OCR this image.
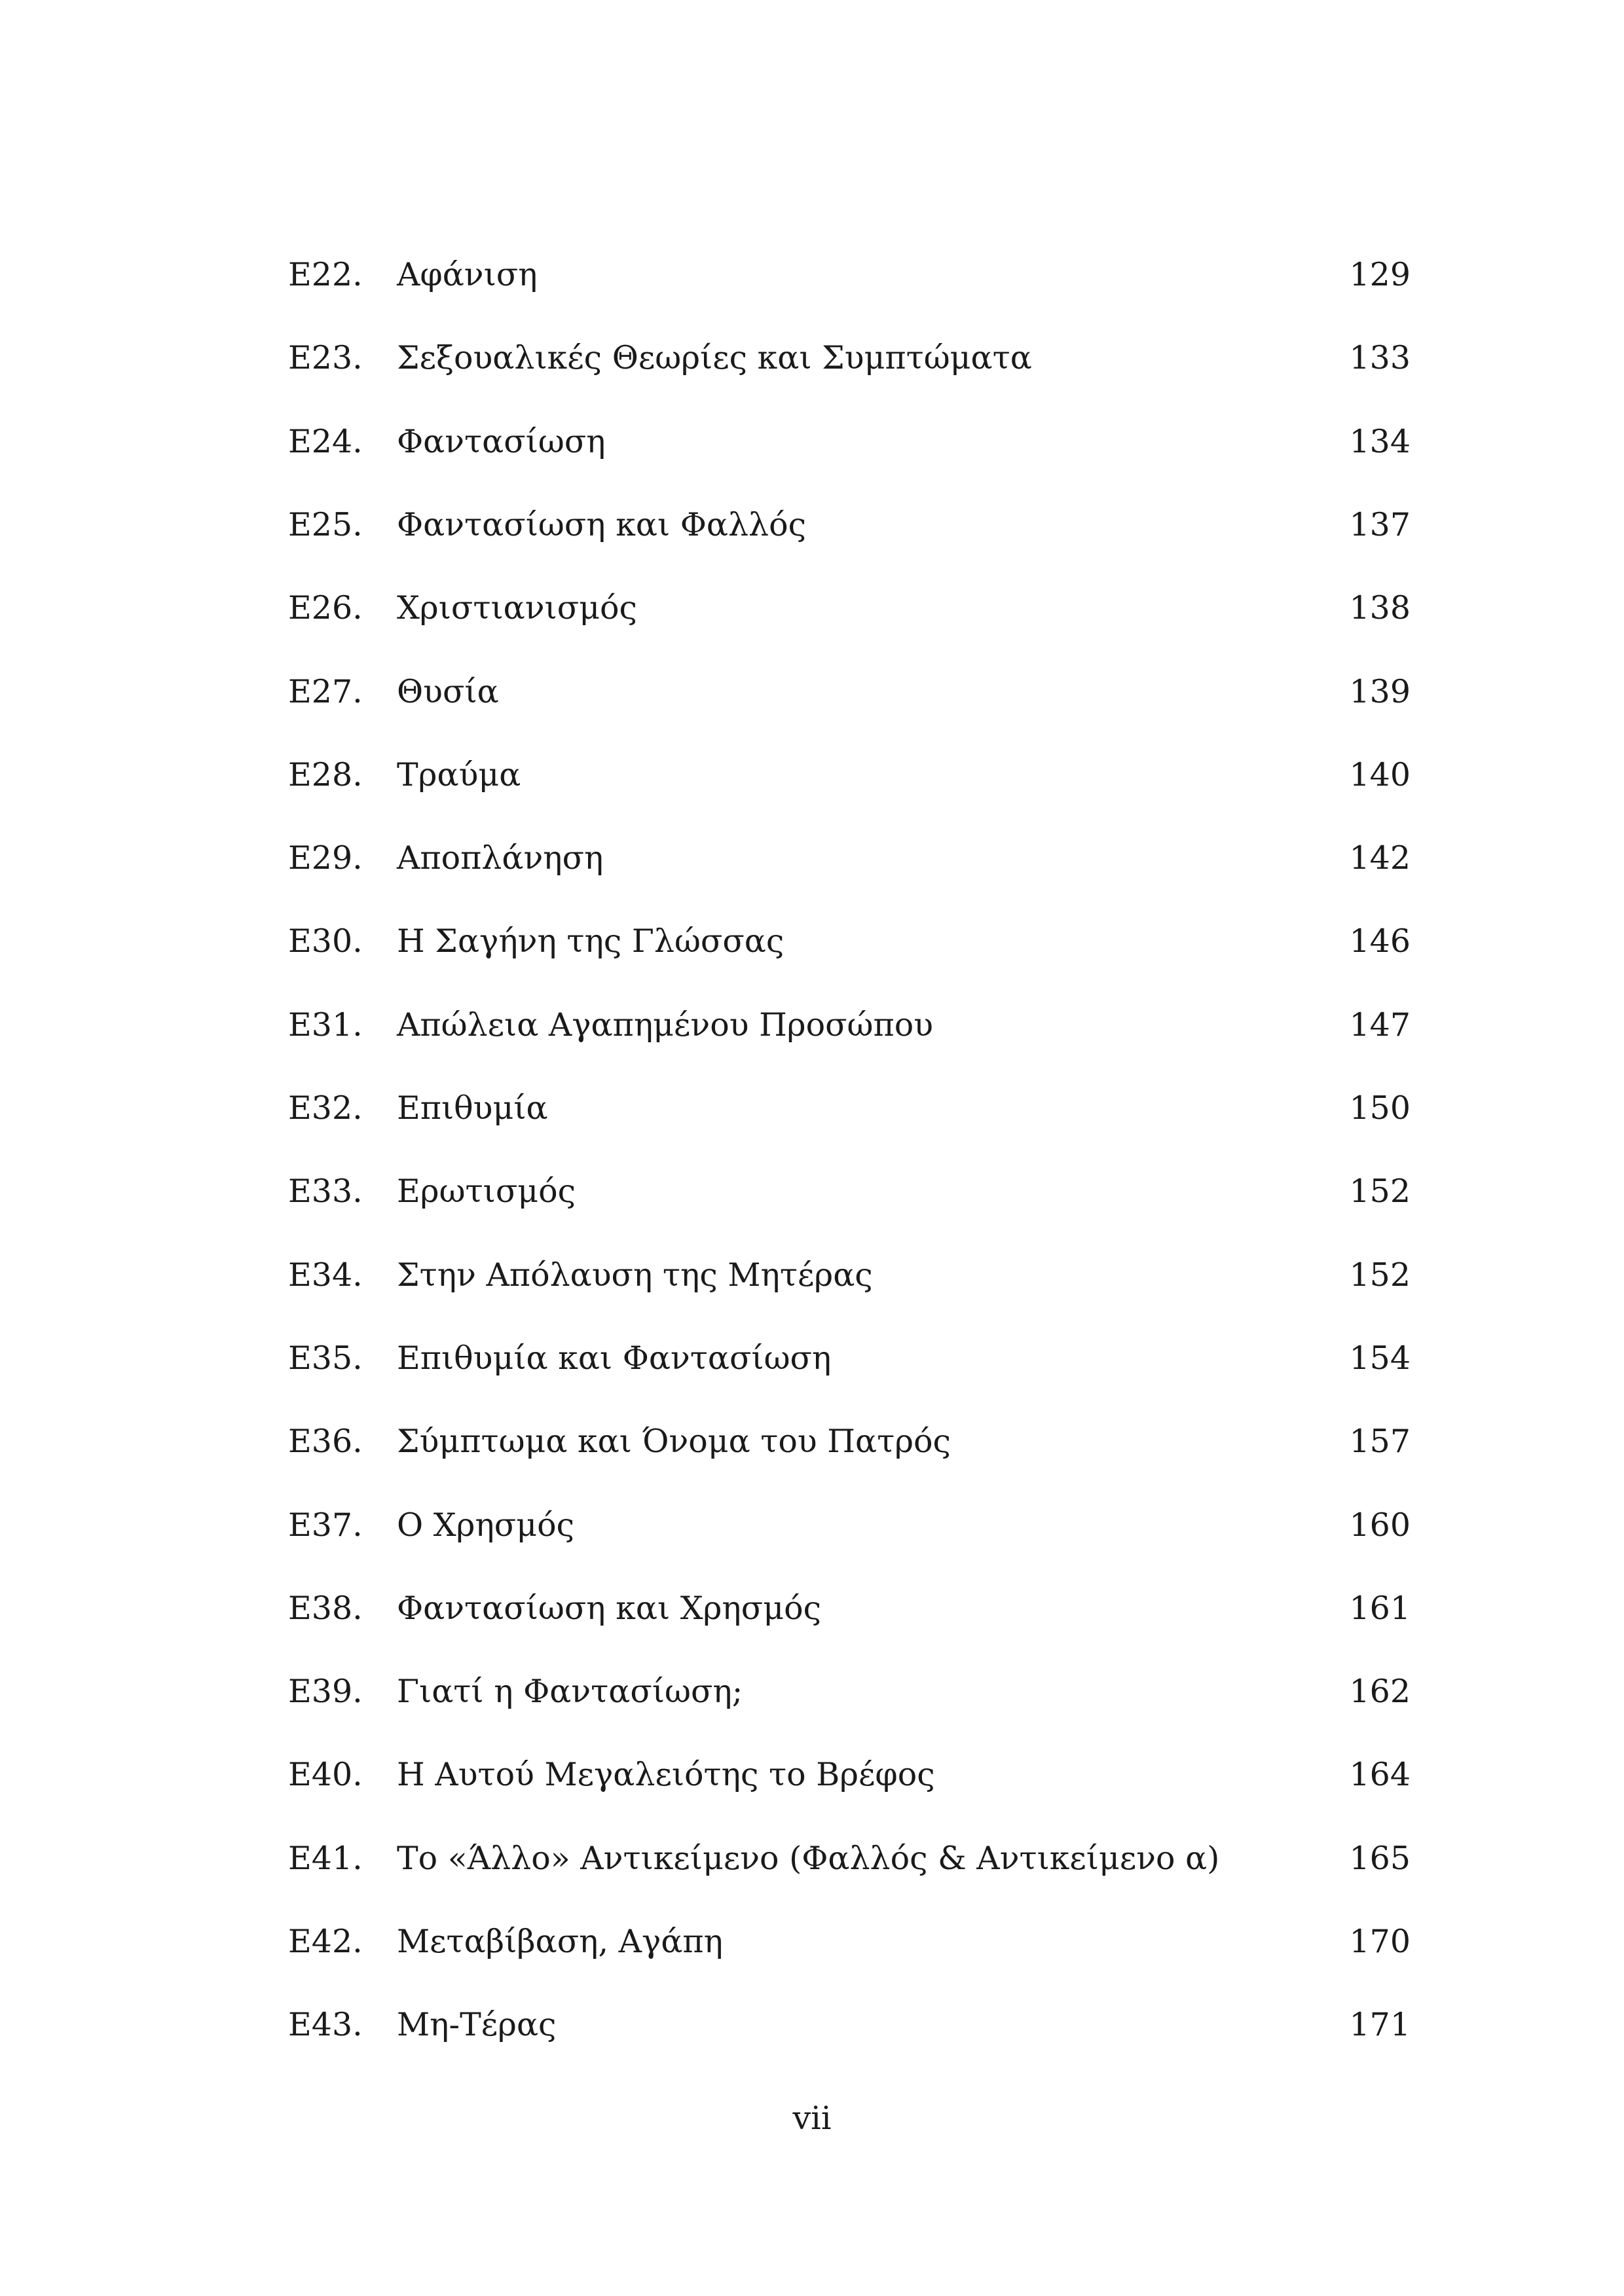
E22. Αφάνιση	129
E23. Σεξουαλικές Θεωρίες και Συμπτώματα	133
E24. Φαντασίωση	134
E25. Φαντασίωση και Φαλλός	137
E26. Χριστιανισμός	138
E27. Θυσία	139
E28. Τραύμα	140
E29. Αποπλάνηση	142
E30. Η Σαγήνη της Γλώσσας	146
E31. Απώλεια Αγαπημένου Προσώπου	147
E32. Επιθυμία	150
E33. Ερωτισμός	152
E34. Στην Απόλαυση της Μητέρας	152
E35. Επιθυμία και Φαντασίωση	154
E36. Σύμπτωμα και Όνομα του Πατρός	157
E37. Ο Χρησμός	160
E38. Φαντασίωση και Χρησμός	161
E39. Γιατί η Φαντασίωση;	162
E40. Η Αυτού Μεγαλειότης το Βρέφος	164
E41. Το «Άλλο» Αντικείμενο (Φαλλός & Αντικείμενο α)	165
E42. Μεταβίβαση, Αγάπη	170
E43. Μη-Τέρας	171
vii
